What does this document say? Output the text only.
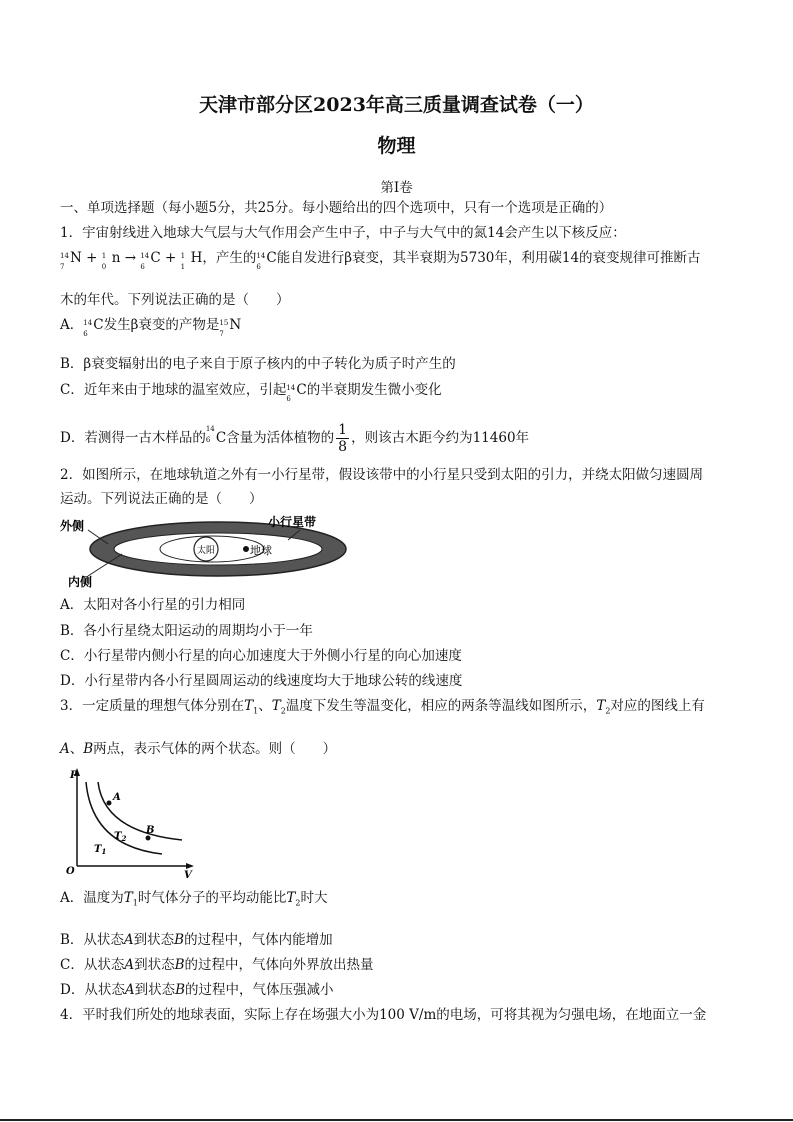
天津市部分区2023年高三质量调查试卷（一）
物理
第Ⅰ卷
一、单项选择题（每小题5分，共25分。每小题给出的四个选项中，只有一个选项是正确的）
1．宇宙射线进入地球大气层与大气作用会产生中子，中子与大气中的氮14会产生以下核反应：
14
7
N + 1
0
n → 14
6
C + 1
1
H，产生的 14
6
C能自发进行β衰变，其半衰期为5730年，利用碳14的衰变规律可推断古
木的年代。下列说法正确的是（　　）
A． 14
6
C发生β衰变的产物是 15
7
N
B．β衰变辐射出的电子来自于原子核内的中子转化为质子时产生的
C．近年来由于地球的温室效应，引起 14
6
C的半衰期发生微小变化
D．若测得一古木样品的
14
6 C含量为活体植物的 $\frac{1}{8}$ ，则该古木距今约为11460年
2．如图所示，在地球轨道之外有一小行星带，假设该带中的小行星只受到太阳的引力，并绕太阳做匀速圆周
运动。下列说法正确的是（　　）
太阳	地球
外侧
内侧
小行星带
A．太阳对各小行星的引力相同
B．各小行星绕太阳运动的周期均小于一年
C．小行星带内侧小行星的向心加速度大于外侧小行星的向心加速度
D．小行星带内各小行星圆周运动的线速度均大于地球公转的线速度
3．一定质量的理想气体分别在$T_1$、$T_2$温度下发生等温变化，相应的两条等温线如图所示，$T_2$对应的图线上有
A、B两点，表示气体的两个状态。则（　　）
A
B
$T_2$
$T_1$
P
V
O
A．温度为$T_1$时气体分子的平均动能比$T_2$时大
B．从状态A到状态B的过程中，气体内能增加
C．从状态A到状态B的过程中，气体向外界放出热量
D．从状态A到状态B的过程中，气体压强减小
4．平时我们所处的地球表面，实际上存在场强大小为100 V/m的电场，可将其视为匀强电场，在地面立一金
